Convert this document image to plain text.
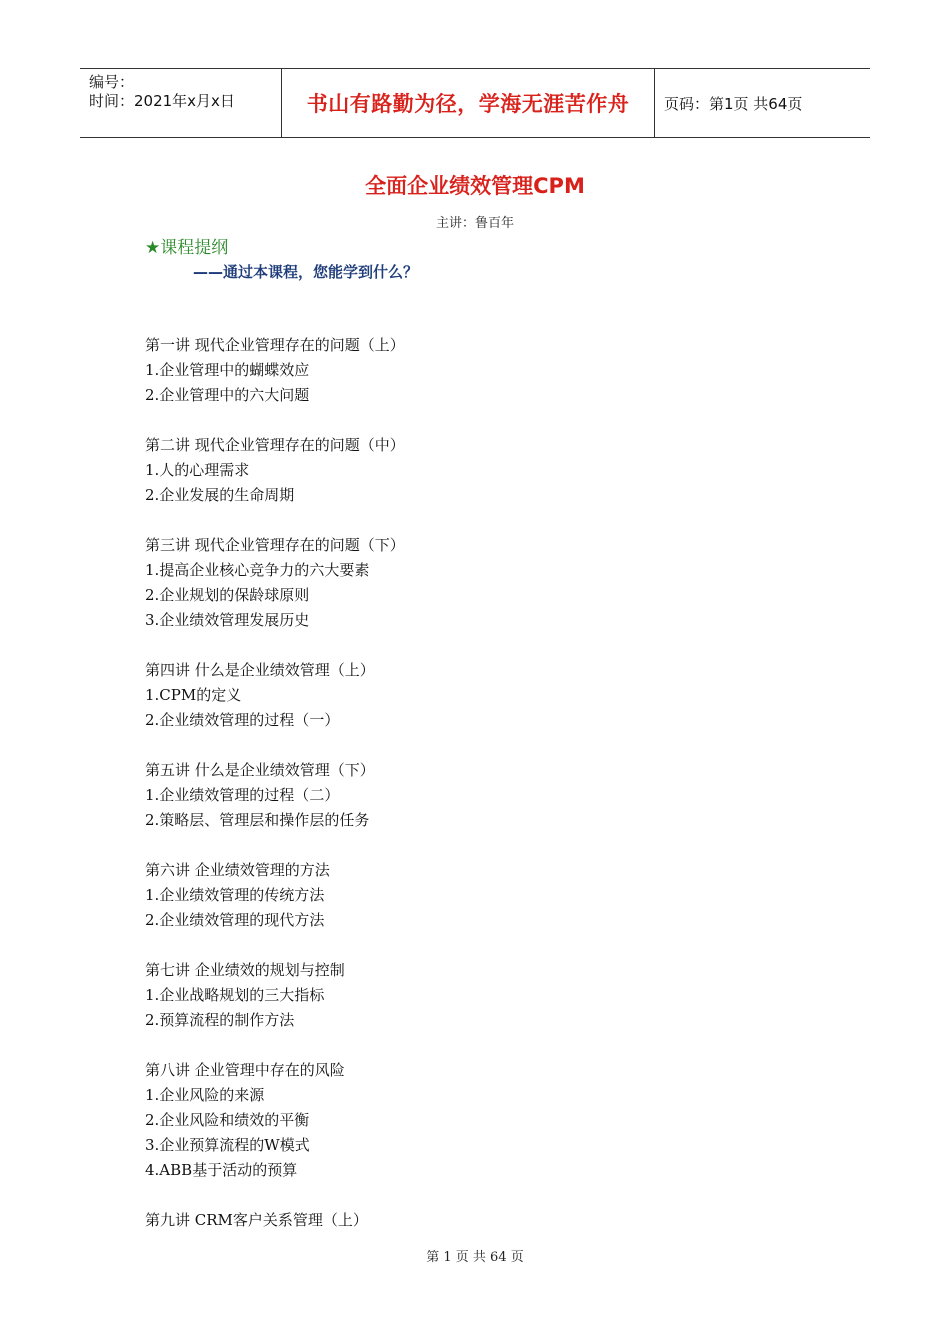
编号：
时间：2021年x月x日	书山有路勤为径，学海无涯苦作舟	页码：第1页 共64页
全面企业绩效管理CPM
主讲：鲁百年
★课程提纲
——通过本课程，您能学到什么？
第一讲 现代企业管理存在的问题（上）
1.企业管理中的蝴蝶效应
2.企业管理中的六大问题
第二讲 现代企业管理存在的问题（中）
1.人的心理需求
2.企业发展的生命周期
第三讲 现代企业管理存在的问题（下）
1.提高企业核心竞争力的六大要素
2.企业规划的保龄球原则
3.企业绩效管理发展历史
第四讲 什么是企业绩效管理（上）
1.CPM的定义
2.企业绩效管理的过程（一）
第五讲 什么是企业绩效管理（下）
1.企业绩效管理的过程（二）
2.策略层、管理层和操作层的任务
第六讲 企业绩效管理的方法
1.企业绩效管理的传统方法
2.企业绩效管理的现代方法
第七讲 企业绩效的规划与控制
1.企业战略规划的三大指标
2.预算流程的制作方法
第八讲 企业管理中存在的风险
1.企业风险的来源
2.企业风险和绩效的平衡
3.企业预算流程的W模式
4.ABB基于活动的预算
第九讲 CRM客户关系管理（上）
第 1 页 共 64 页
